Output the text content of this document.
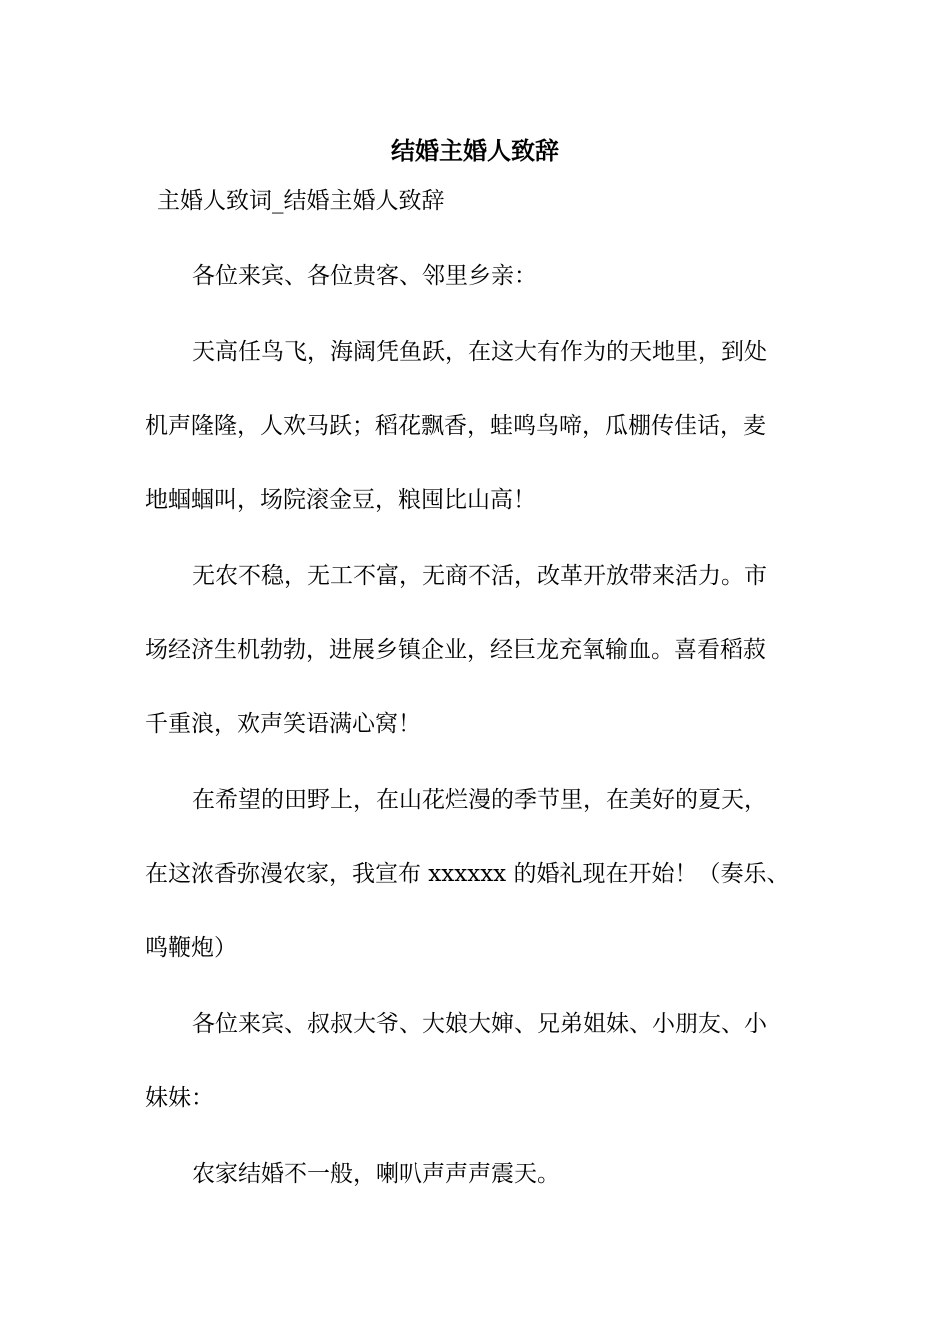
结婚主婚人致辞
主婚人致词_结婚主婚人致辞
各位来宾、各位贵客、邻里乡亲：
天高任鸟飞，海阔凭鱼跃，在这大有作为的天地里，到处
机声隆隆，人欢马跃；稻花飘香，蛙鸣鸟啼，瓜棚传佳话，麦
地蝈蝈叫，场院滚金豆，粮囤比山高！
无农不稳，无工不富，无商不活，改革开放带来活力。市
场经济生机勃勃，进展乡镇企业，经巨龙充氧输血。喜看稻菽
千重浪，欢声笑语满心窝！
在希望的田野上，在山花烂漫的季节里，在美好的夏天，
在这浓香弥漫农家，我宣布 xxxxxx 的婚礼现在开始！（奏乐、
鸣鞭炮）
各位来宾、叔叔大爷、大娘大婶、兄弟姐妹、小朋友、小
妹妹：
农家结婚不一般，喇叭声声声震天。
